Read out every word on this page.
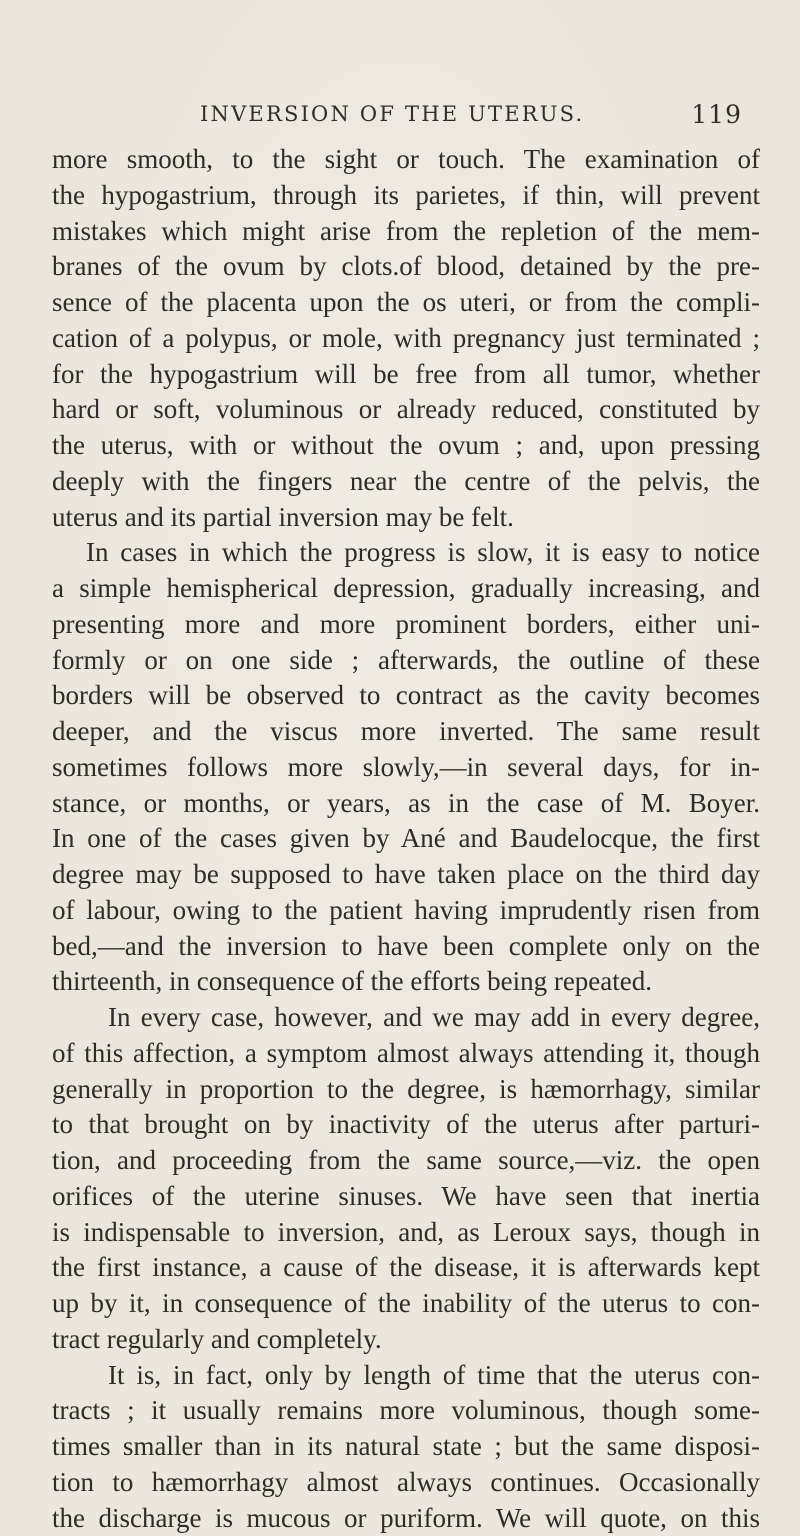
INVERSION OF THE UTERUS.	119
more smooth, to the sight or touch. The examination of
the hypogastrium, through its parietes, if thin, will prevent
mistakes which might arise from the repletion of the mem-
branes of the ovum by clots.of blood, detained by the pre-
sence of the placenta upon the os uteri, or from the compli-
cation of a polypus, or mole, with pregnancy just terminated ;
for the hypogastrium will be free from all tumor, whether
hard or soft, voluminous or already reduced, constituted by
the uterus, with or without the ovum ; and, upon pressing
deeply with the fingers near the centre of the pelvis, the
uterus and its partial inversion may be felt.
In cases in which the progress is slow, it is easy to notice
a simple hemispherical depression, gradually increasing, and
presenting more and more prominent borders, either uni-
formly or on one side ; afterwards, the outline of these
borders will be observed to contract as the cavity becomes
deeper, and the viscus more inverted. The same result
sometimes follows more slowly,—in several days, for in-
stance, or months, or years, as in the case of M. Boyer.
In one of the cases given by Ané and Baudelocque, the first
degree may be supposed to have taken place on the third day
of labour, owing to the patient having imprudently risen from
bed,—and the inversion to have been complete only on the
thirteenth, in consequence of the efforts being repeated.
In every case, however, and we may add in every degree,
of this affection, a symptom almost always attending it, though
generally in proportion to the degree, is hæmorrhagy, similar
to that brought on by inactivity of the uterus after parturi-
tion, and proceeding from the same source,—viz. the open
orifices of the uterine sinuses. We have seen that inertia
is indispensable to inversion, and, as Leroux says, though in
the first instance, a cause of the disease, it is afterwards kept
up by it, in consequence of the inability of the uterus to con-
tract regularly and completely.
It is, in fact, only by length of time that the uterus con-
tracts ; it usually remains more voluminous, though some-
times smaller than in its natural state ; but the same disposi-
tion to hæmorrhagy almost always continues. Occasionally
the discharge is mucous or puriform. We will quote, on this
